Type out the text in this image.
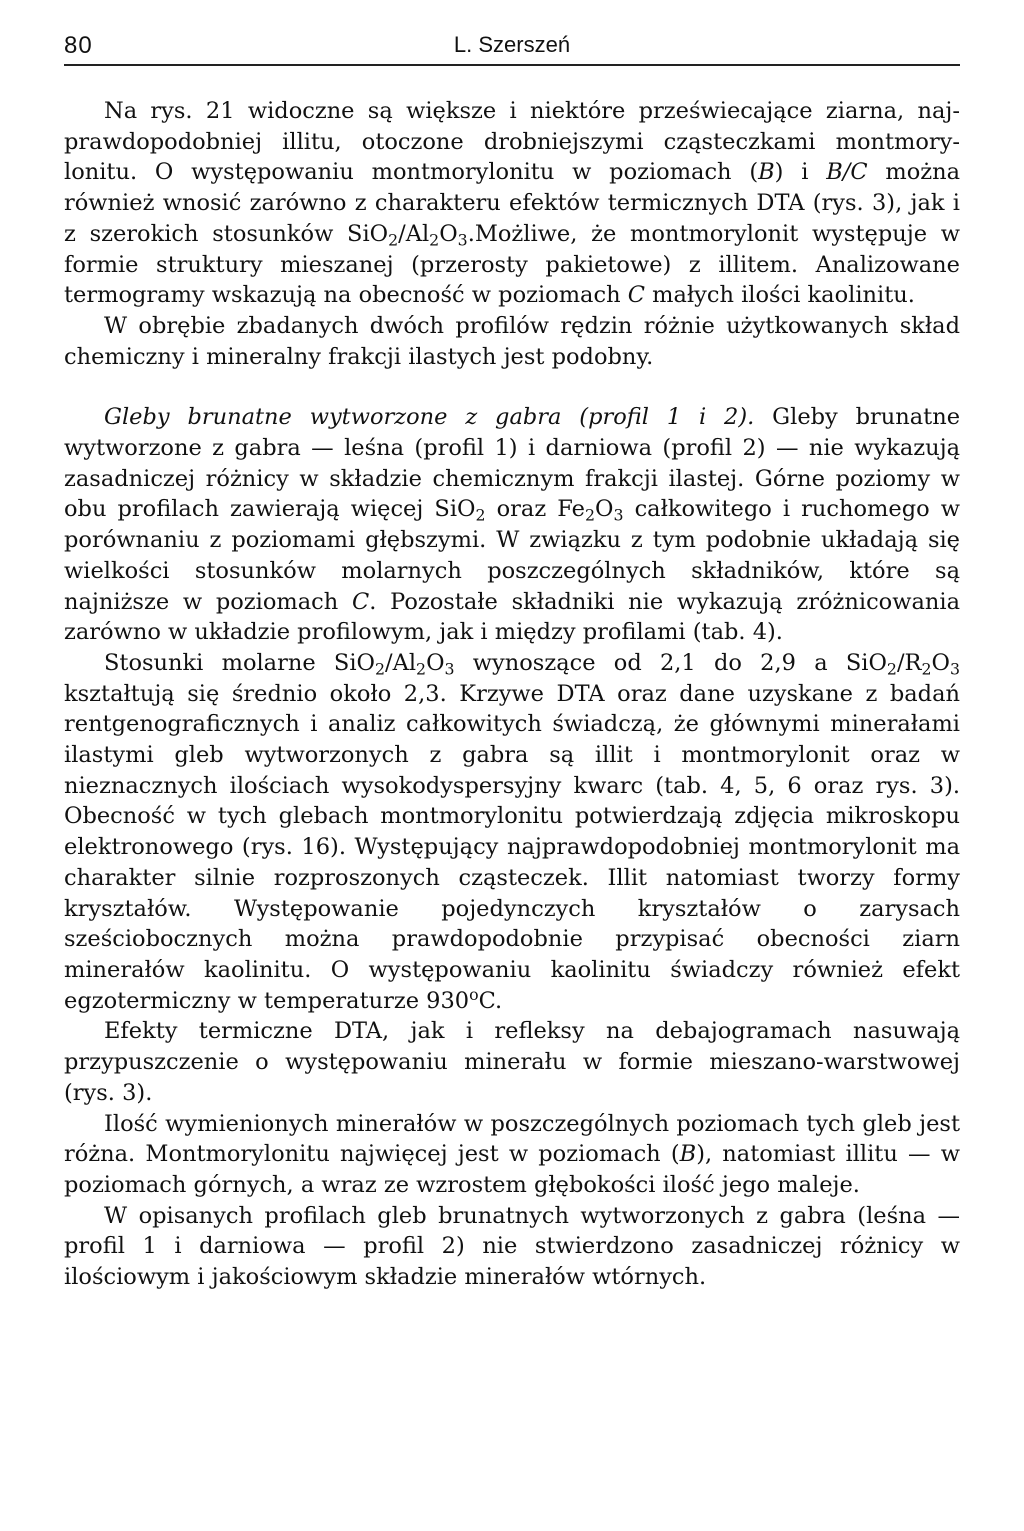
80	L. Szerszeń

Na rys. 21 widoczne są większe i niektóre przeświecające ziarna, najprawdopodobniej illitu, otoczone drobniejszymi cząsteczkami montmorylonitu. O występowaniu montmorylonitu w poziomach (B) i B/C można również wnosić zarówno z charakteru efektów termicznych DTA (rys. 3), jak i z szerokich stosunków $SiO_2/Al_2O_3.Możliwe$, że montmorylonit występuje w formie struktury mieszanej (przerosty pakietowe) z illitem. Analizowane termogramy wskazują na obecność w poziomach C małych ilości kaolinitu.

W obrębie zbadanych dwóch profilów rędzin różnie użytkowanych skład chemiczny i mineralny frakcji ilastych jest podobny.

Gleby brunatne wytworzone z gabra (profil 1 i 2). Gleby brunatne wytworzone z gabra — leśna (profil 1) i darniowa (profil 2) — nie wykazują zasadniczej różnicy w składzie chemicznym frakcji ilastej. Górne poziomy w obu profilach zawierają więcej SiO$_2$ oraz $Fe_2O_3$ całkowitego i ruchomego w porównaniu z poziomami głębszymi. W związku z tym podobnie układają się wielkości stosunków molarnych poszczególnych składników, które są najniższe w poziomach C. Pozostałe składniki nie wykazują zróżnicowania zarówno w układzie profilowym, jak i między profilami (tab. 4).

Stosunki molarne $SiO_2/Al_2O_3$ wynoszące od 2,1 do 2,9 a $SiO_2/R_2O_3$ kształtują się średnio około 2,3. Krzywe DTA oraz dane uzyskane z badań rentgenograficznych i analiz całkowitych świadczą, że głównymi minerałami ilastymi gleb wytworzonych z gabra są illit i montmorylonit oraz w nieznacznych ilościach wysokodyspersyjny kwarc (tab. 4, 5, 6 oraz rys. 3). Obecność w tych glebach montmorylonitu potwierdzają zdjęcia mikroskopu elektronowego (rys. 16). Występujący najprawdopodobniej montmorylonit ma charakter silnie rozproszonych cząsteczek. Illit natomiast tworzy formy kryształów. Występowanie pojedynczych kryształów o zarysach sześciobocznych można prawdopodobnie przypisać obecności ziarn minerałów kaolinitu. O występowaniu kaolinitu świadczy również efekt egzotermiczny w temperaturze 930$^o$C.

Efekty termiczne DTA, jak i refleksy na debajogramach nasuwają przypuszczenie o występowaniu minerału w formie mieszano-warstwowej (rys. 3).

Ilość wymienionych minerałów w poszczególnych poziomach tych gleb jest różna. Montmorylonitu najwięcej jest w poziomach (B), natomiast illitu — w poziomach górnych, a wraz ze wzrostem głębokości ilość jego maleje.

W opisanych profilach gleb brunatnych wytworzonych z gabra (leśna — profil 1 i darniowa — profil 2) nie stwierdzono zasadniczej różnicy w ilościowym i jakościowym składzie minerałów wtórnych.
